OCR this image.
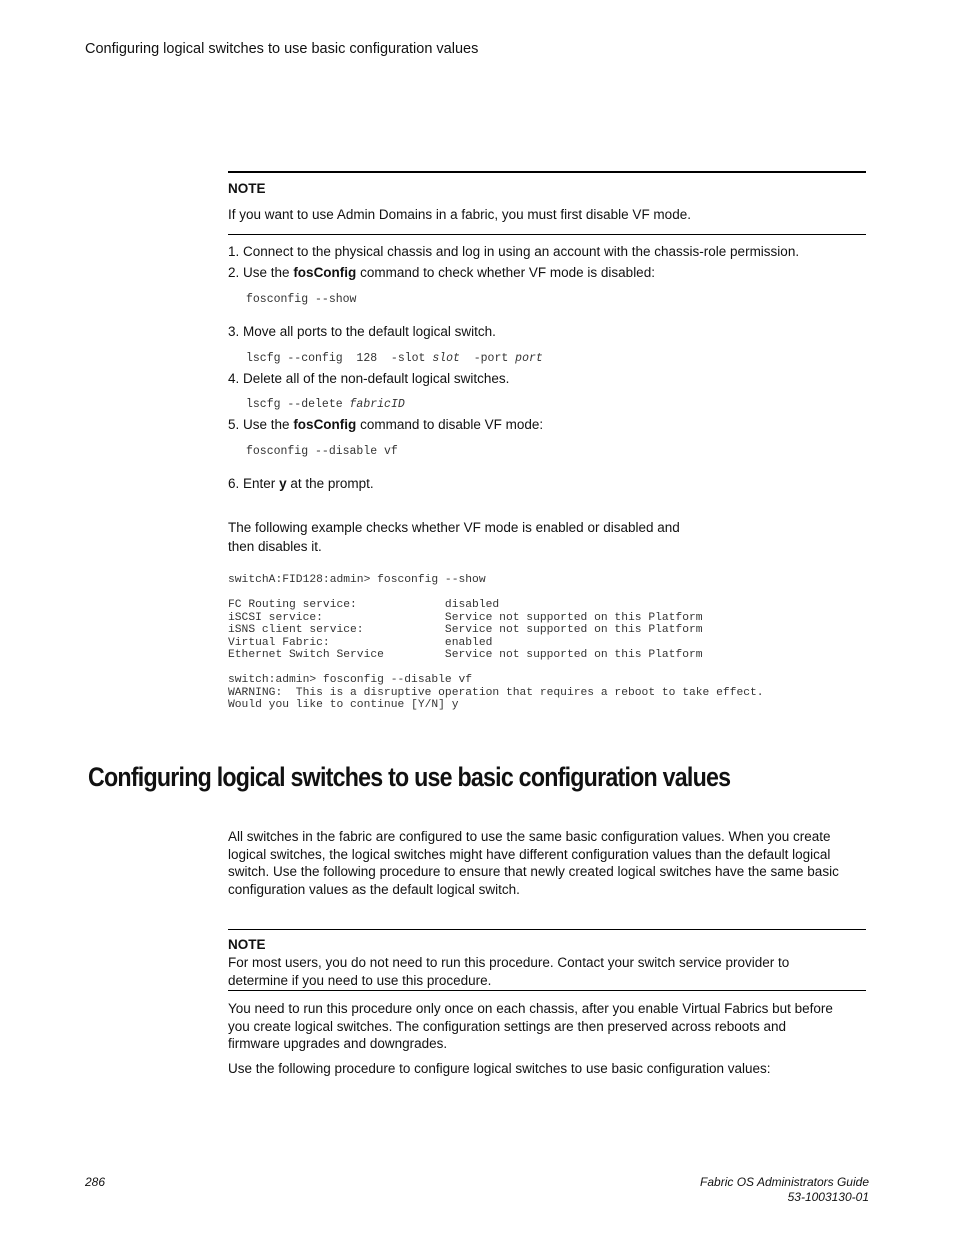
Configuring logical switches to use basic configuration values
NOTE
If you want to use Admin Domains in a fabric, you must first disable VF mode.
1. Connect to the physical chassis and log in using an account with the chassis-role permission.
2. Use the fosConfig command to check whether VF mode is disabled:
fosconfig --show
3. Move all ports to the default logical switch.
lscfg --config  128  -slot slot  -port port
4. Delete all of the non-default logical switches.
lscfg --delete fabricID
5. Use the fosConfig command to disable VF mode:
fosconfig --disable vf
6. Enter y at the prompt.
The following example checks whether VF mode is enabled or disabled and
then disables it.
switchA:FID128:admin> fosconfig --show

FC Routing service:             disabled
iSCSI service:                  Service not supported on this Platform
iSNS client service:            Service not supported on this Platform
Virtual Fabric:                 enabled
Ethernet Switch Service         Service not supported on this Platform

switch:admin> fosconfig --disable vf
WARNING:  This is a disruptive operation that requires a reboot to take effect.
Would you like to continue [Y/N] y
Configuring logical switches to use basic configuration values
All switches in the fabric are configured to use the same basic configuration values. When you create
logical switches, the logical switches might have different configuration values than the default logical
switch. Use the following procedure to ensure that newly created logical switches have the same basic
configuration values as the default logical switch.
NOTE
For most users, you do not need to run this procedure. Contact your switch service provider to
determine if you need to use this procedure.
You need to run this procedure only once on each chassis, after you enable Virtual Fabrics but before
you create logical switches. The configuration settings are then preserved across reboots and
firmware upgrades and downgrades.
Use the following procedure to configure logical switches to use basic configuration values:
286	Fabric OS Administrators Guide
53-1003130-01
